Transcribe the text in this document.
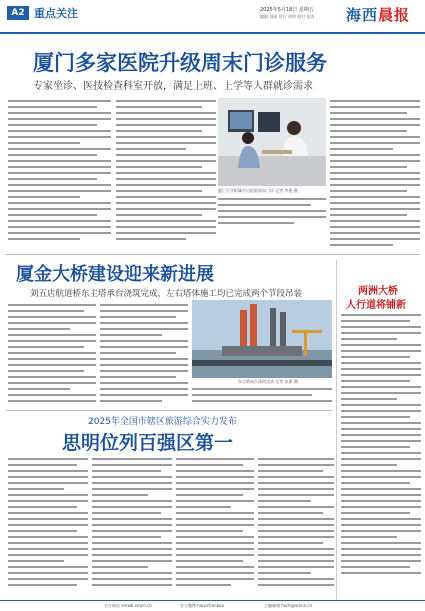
A2 重点关注	2025年5月18日 星期五
编辑 刘丽 设计 郭明 校对 张涛 海西晨报
厦门多家医院升级周末门诊服务
专家坐诊、医技检查科室开放，满足上班、上学等人群就诊需求
厦门大学附属中山医院周末门诊.记者 李斐 摄
厦金大桥建设迎来新进展
刘五店航道桥东主塔承台浇筑完成，左右塔体施工均已完成两个节段吊装
东主塔承台浇筑完成 记者 张燕 摄
两洲大桥
人行道将铺新
2025年全国市辖区旅游综合实力发布
思明位列百强区第一
官方网站 xmwb.xmnn.cn	官方微博 haixichenbao	主编邮箱 hxcb@xmnn.cn
